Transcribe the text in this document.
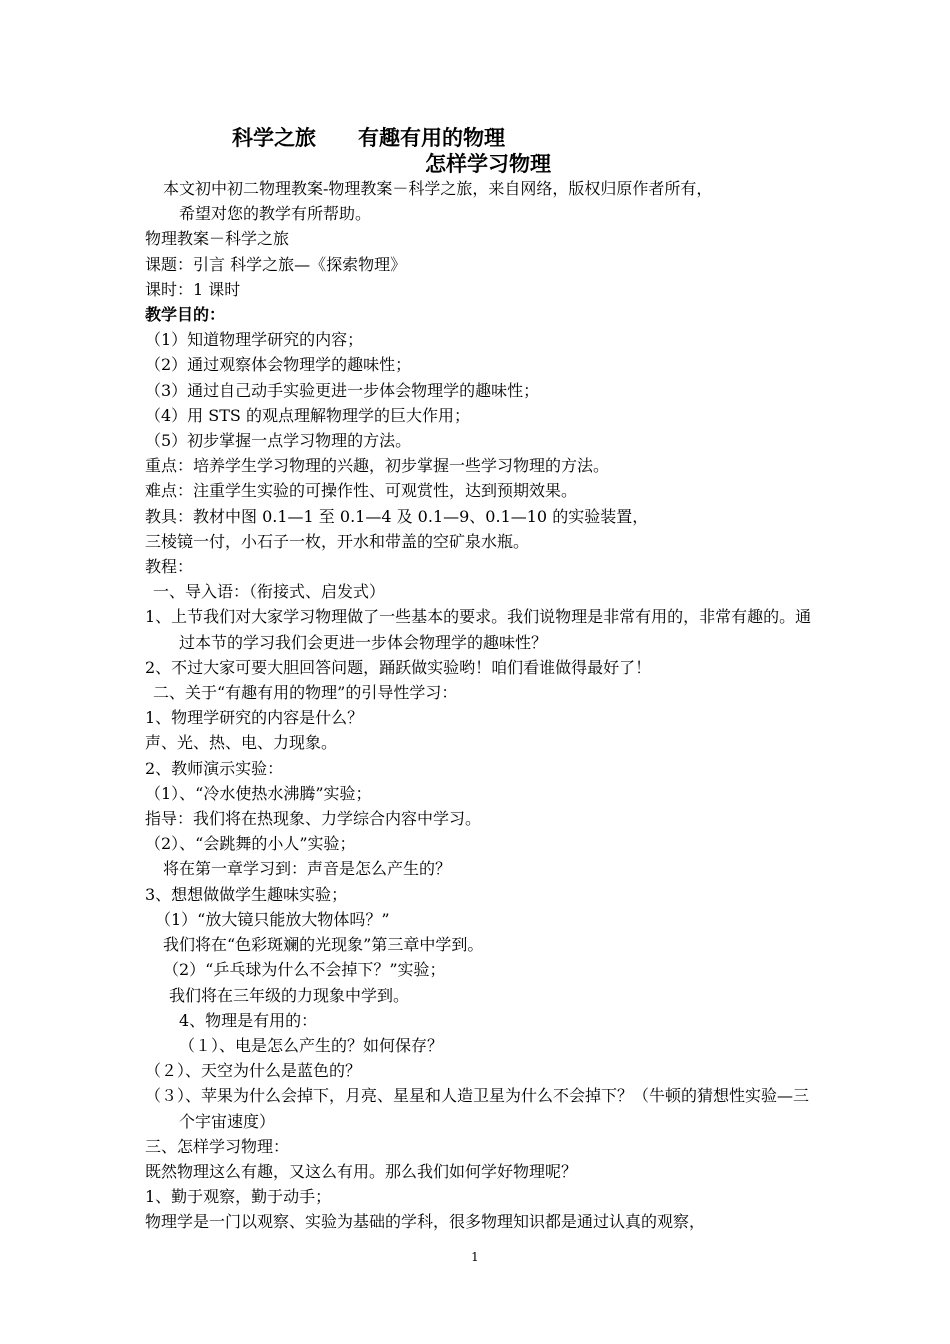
科学之旅　　有趣有用的物理
怎样学习物理

本文初中初二物理教案-物理教案－科学之旅，来自网络，版权归原作者所有，

希望对您的教学有所帮助。

物理教案－科学之旅

课题：引言 科学之旅—《探索物理》

课时：1 课时

教学目的：

（1）知道物理学研究的内容；

（2）通过观察体会物理学的趣味性；

（3）通过自己动手实验更进一步体会物理学的趣味性；

（4）用 STS 的观点理解物理学的巨大作用；

（5）初步掌握一点学习物理的方法。

重点：培养学生学习物理的兴趣，初步掌握一些学习物理的方法。

难点：注重学生实验的可操作性、可观赏性，达到预期效果。

教具：教材中图 0.1—1 至 0.1—4 及 0.1—9、0.1—10 的实验装置，

三棱镜一付，小石子一枚，开水和带盖的空矿泉水瓶。

教程：

一、导入语：（衔接式、启发式）

1、上节我们对大家学习物理做了一些基本的要求。我们说物理是非常有用的，非常有趣的。通过本节的学习我们会更进一步体会物理学的趣味性？

2、不过大家可要大胆回答问题，踊跃做实验哟！咱们看谁做得最好了！

二、关于“有趣有用的物理”的引导性学习：

1、物理学研究的内容是什么？

声、光、热、电、力现象。

2、教师演示实验：

（1）、“冷水使热水沸腾”实验；

指导：我们将在热现象、力学综合内容中学习。

（2）、“会跳舞的小人”实验；

将在第一章学习到：声音是怎么产生的？

3、想想做做学生趣味实验；

（1）“放大镜只能放大物体吗？”

我们将在“色彩斑斓的光现象”第三章中学到。

（2）“乒乓球为什么不会掉下？”实验；

我们将在三年级的力现象中学到。

4、物理是有用的：

（１）、电是怎么产生的？如何保存？

（２）、天空为什么是蓝色的？

（３）、苹果为什么会掉下，月亮、星星和人造卫星为什么不会掉下？（牛顿的猜想性实验—三个宇宙速度）

三、怎样学习物理：

既然物理这么有趣，又这么有用。那么我们如何学好物理呢？

1、勤于观察，勤于动手；

物理学是一门以观察、实验为基础的学科，很多物理知识都是通过认真的观察，

1
